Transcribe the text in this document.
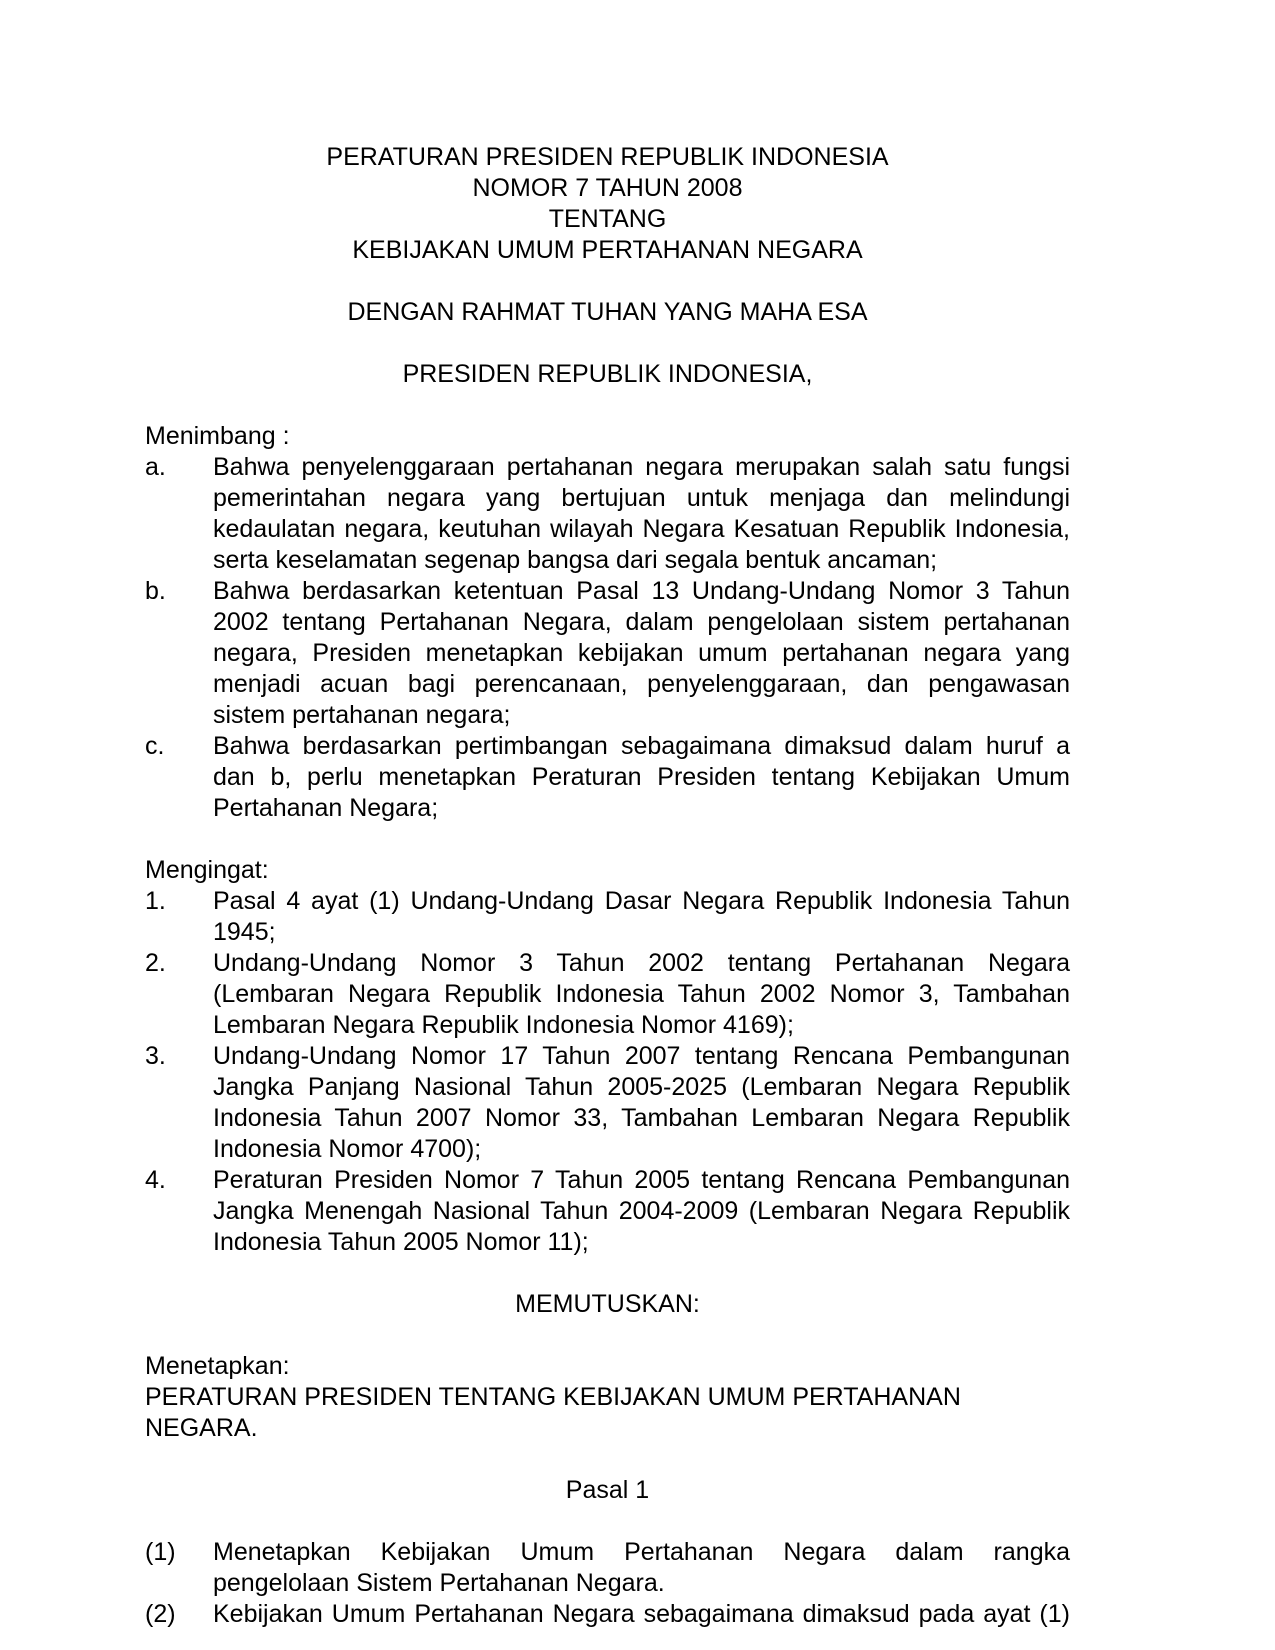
PERATURAN PRESIDEN REPUBLIK INDONESIA
NOMOR 7 TAHUN 2008
TENTANG
KEBIJAKAN UMUM PERTAHANAN NEGARA
DENGAN RAHMAT TUHAN YANG MAHA ESA
PRESIDEN REPUBLIK INDONESIA,
Menimbang :
a.	Bahwa penyelenggaraan pertahanan negara merupakan salah satu fungsi pemerintahan negara yang bertujuan untuk menjaga dan melindungi kedaulatan negara, keutuhan wilayah Negara Kesatuan Republik Indonesia, serta keselamatan segenap bangsa dari segala bentuk ancaman;
b.	Bahwa berdasarkan ketentuan Pasal 13 Undang-Undang Nomor 3 Tahun 2002 tentang Pertahanan Negara, dalam pengelolaan sistem pertahanan negara, Presiden menetapkan kebijakan umum pertahanan negara yang menjadi acuan bagi perencanaan, penyelenggaraan, dan pengawasan sistem pertahanan negara;
c.	Bahwa berdasarkan pertimbangan sebagaimana dimaksud dalam huruf a dan b, perlu menetapkan Peraturan Presiden tentang Kebijakan Umum Pertahanan Negara;
Mengingat:
1.	Pasal 4 ayat (1) Undang-Undang Dasar Negara Republik Indonesia Tahun 1945;
2.	Undang-Undang Nomor 3 Tahun 2002 tentang Pertahanan Negara (Lembaran Negara Republik Indonesia Tahun 2002 Nomor 3, Tambahan Lembaran Negara Republik Indonesia Nomor 4169);
3.	Undang-Undang Nomor 17 Tahun 2007 tentang Rencana Pembangunan Jangka Panjang Nasional Tahun 2005-2025 (Lembaran Negara Republik Indonesia Tahun 2007 Nomor 33, Tambahan Lembaran Negara Republik Indonesia Nomor 4700);
4.	Peraturan Presiden Nomor 7 Tahun 2005 tentang Rencana Pembangunan Jangka Menengah Nasional Tahun 2004-2009 (Lembaran Negara Republik Indonesia Tahun 2005 Nomor 11);
MEMUTUSKAN:
Menetapkan:
PERATURAN PRESIDEN TENTANG KEBIJAKAN UMUM PERTAHANAN NEGARA.
Pasal 1
(1)	Menetapkan Kebijakan Umum Pertahanan Negara dalam rangka pengelolaan Sistem Pertahanan Negara.
(2)	Kebijakan Umum Pertahanan Negara sebagaimana dimaksud pada ayat (1)
